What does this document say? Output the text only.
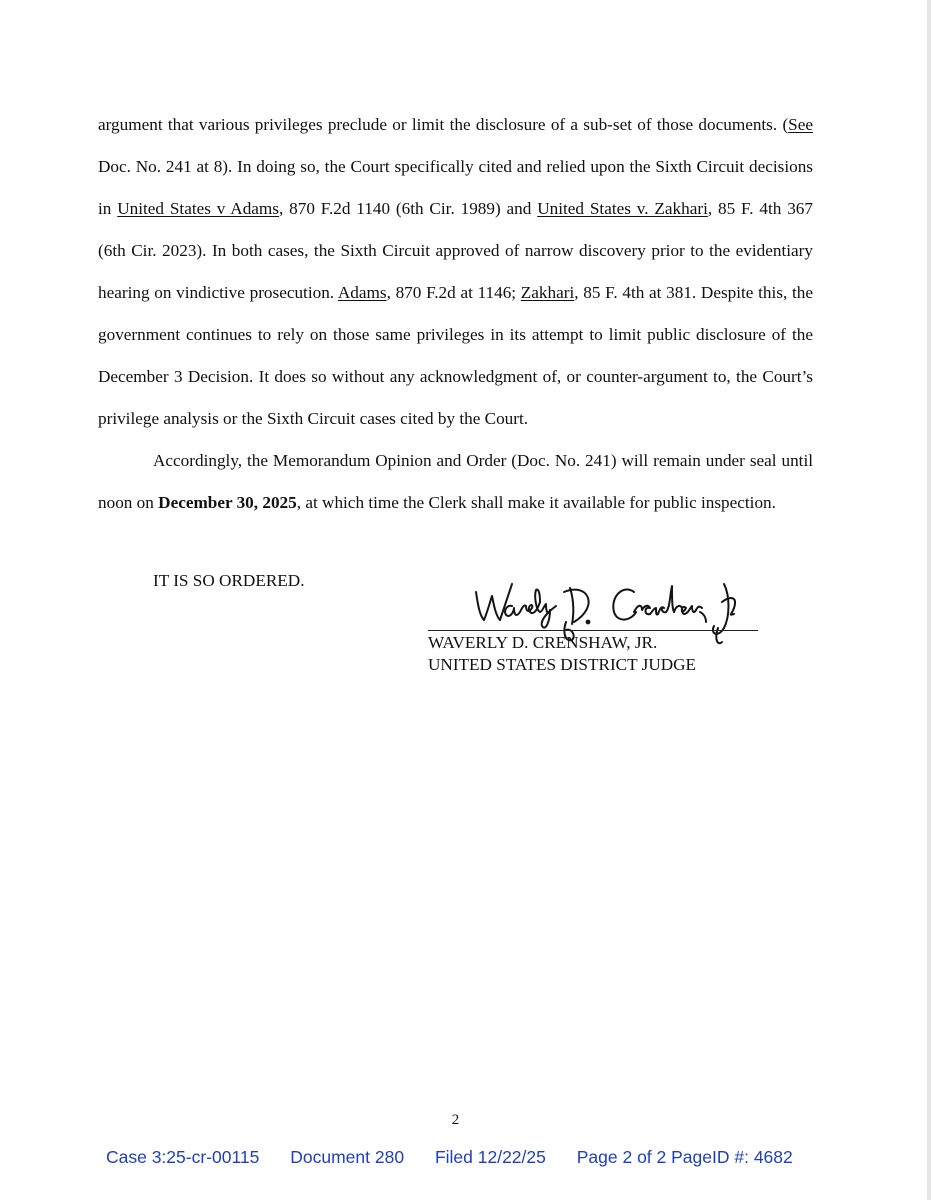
argument that various privileges preclude or limit the disclosure of a sub-set of those documents. (See Doc. No. 241 at 8). In doing so, the Court specifically cited and relied upon the Sixth Circuit decisions in United States v Adams, 870 F.2d 1140 (6th Cir. 1989) and United States v. Zakhari, 85 F. 4th 367 (6th Cir. 2023). In both cases, the Sixth Circuit approved of narrow discovery prior to the evidentiary hearing on vindictive prosecution. Adams, 870 F.2d at 1146; Zakhari, 85 F. 4th at 381. Despite this, the government continues to rely on those same privileges in its attempt to limit public disclosure of the December 3 Decision. It does so without any acknowledgment of, or counter-argument to, the Court’s privilege analysis or the Sixth Circuit cases cited by the Court.

Accordingly, the Memorandum Opinion and Order (Doc. No. 241) will remain under seal until noon on December 30, 2025, at which time the Clerk shall make it available for public inspection.

IT IS SO ORDERED.
WAVERLY D. CRENSHAW, JR.
UNITED STATES DISTRICT JUDGE
2
Case 3:25-cr-00115 Document 280 Filed 12/22/25 Page 2 of 2 PageID #: 4682
